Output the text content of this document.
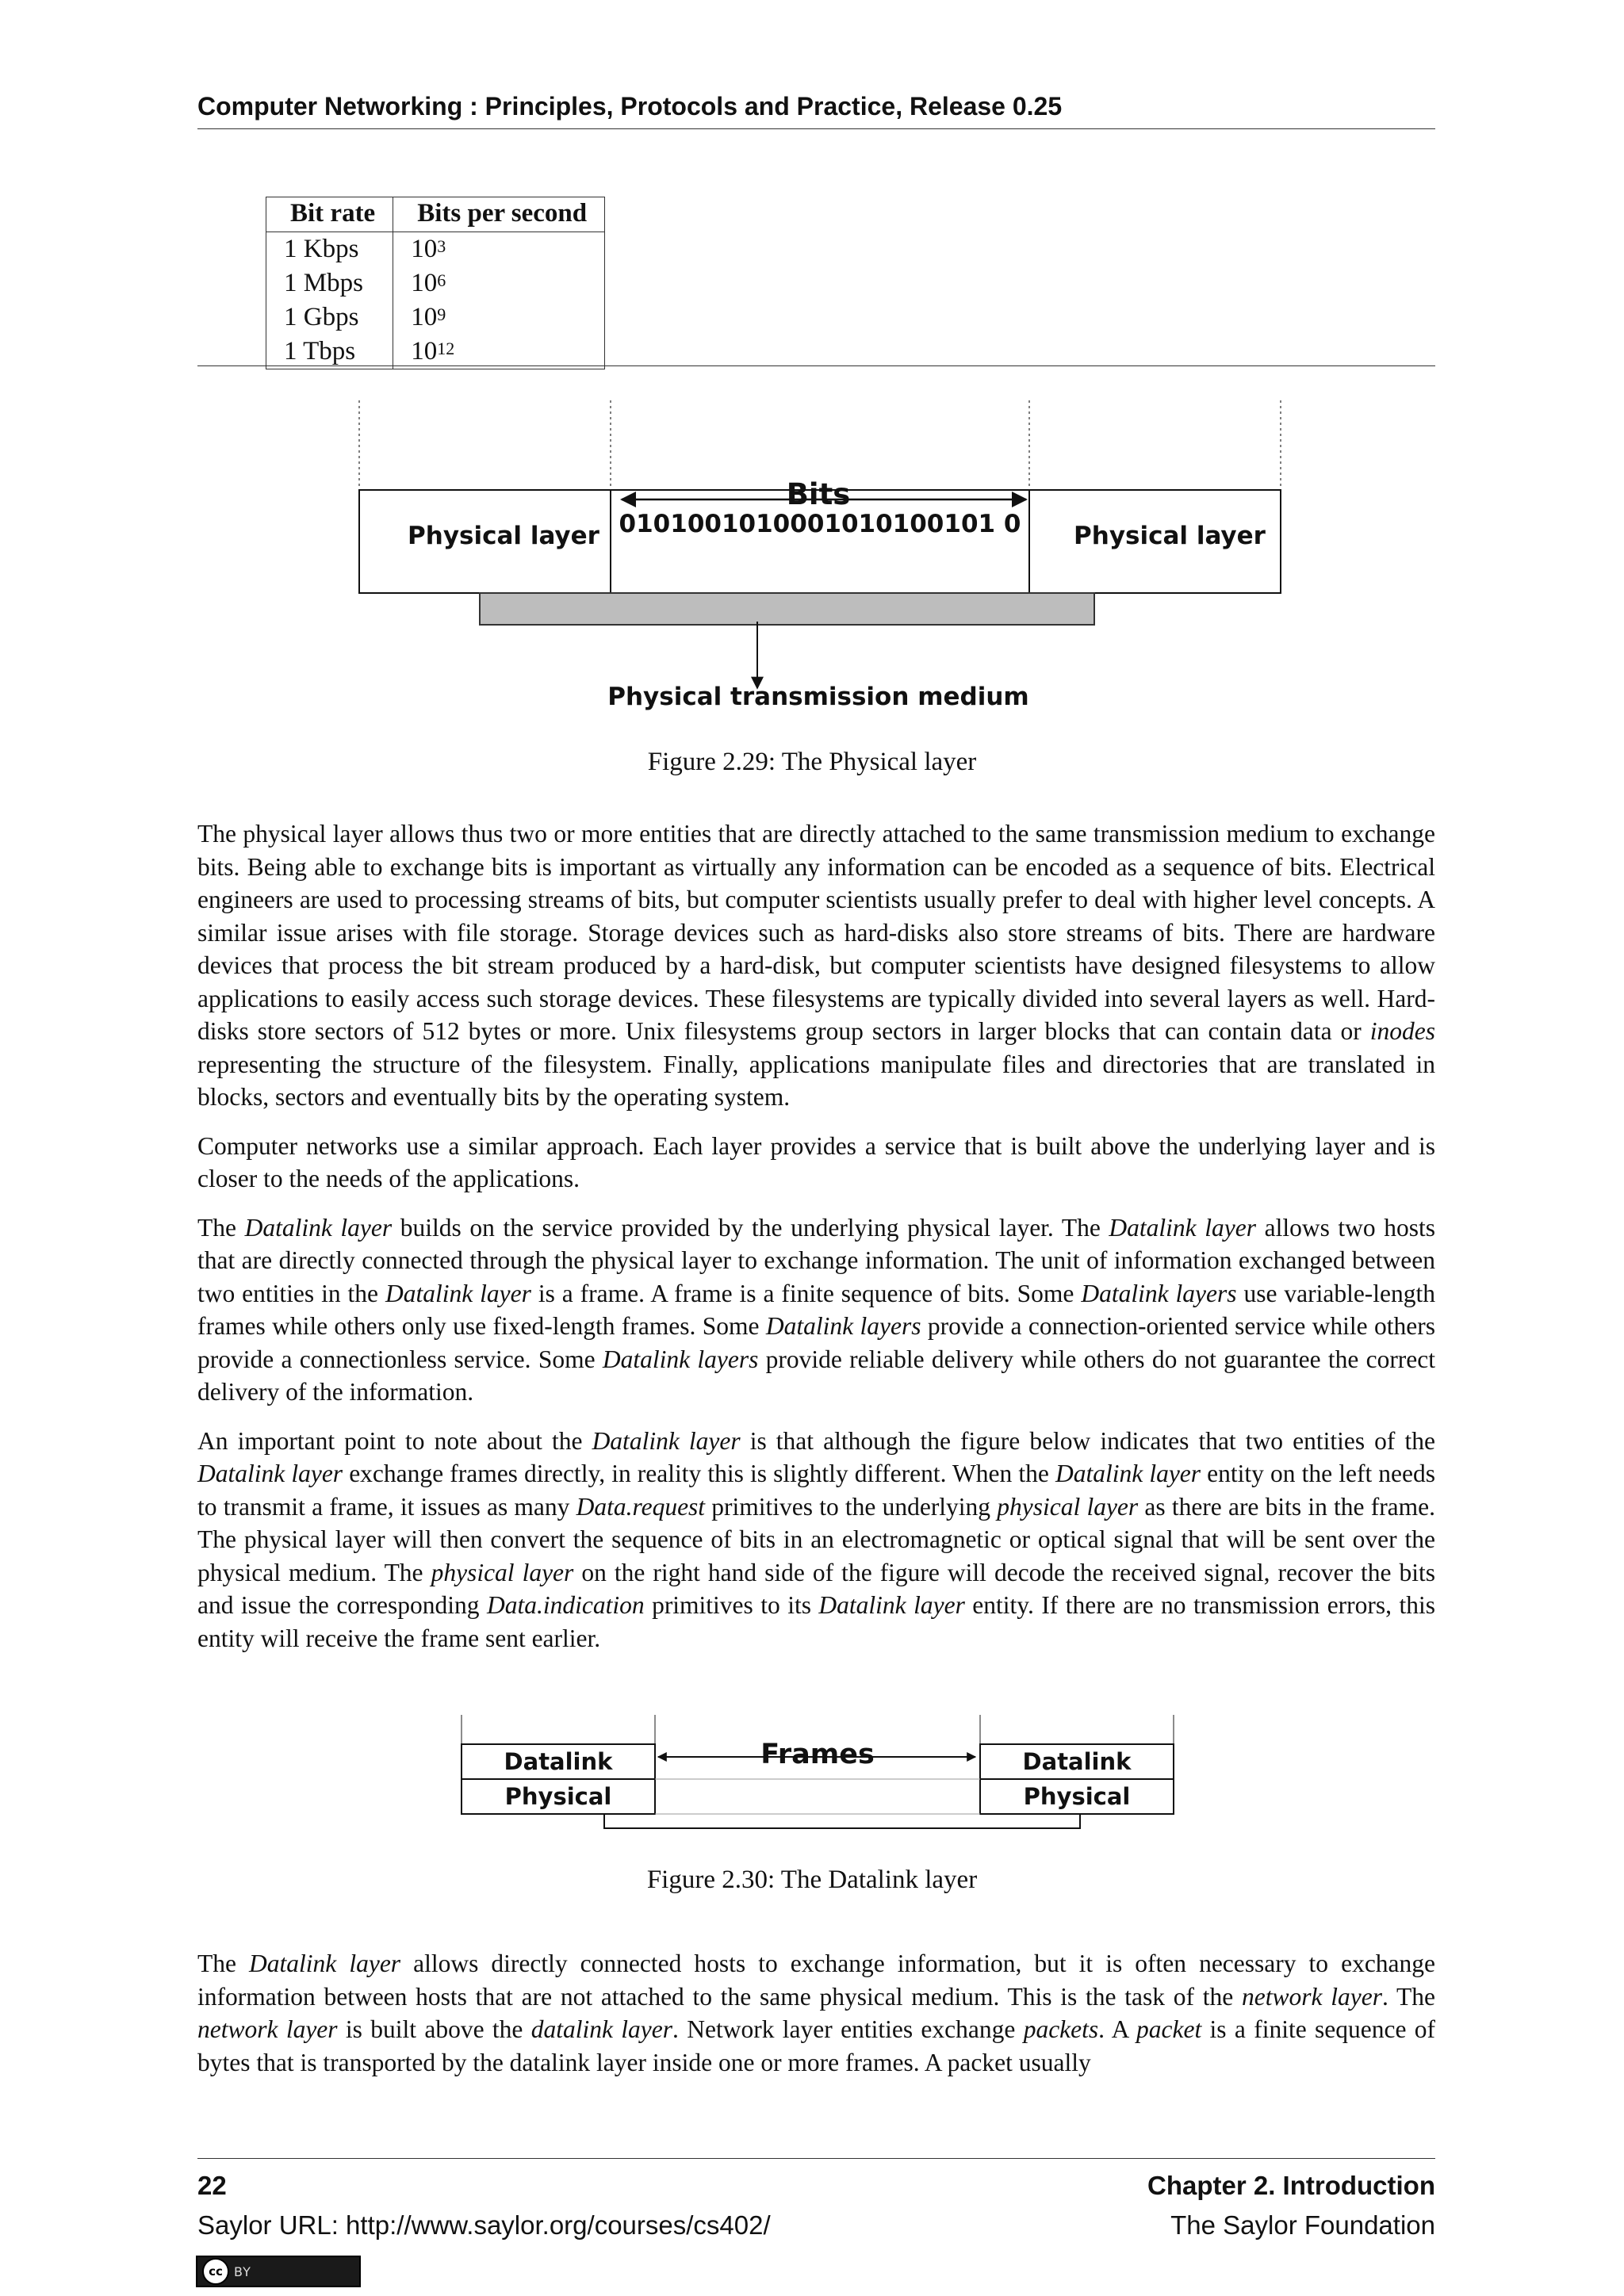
Computer Networking : Principles, Protocols and Practice, Release 0.25
Bit rate	Bits per second
1 Kbps	$10^3$
1 Mbps	$10^6$
1 Gbps	$10^9$
1 Tbps	$10^{12}$
Physical layer	Physical layer
Bits
0101001010001010100101 0
Physical transmission medium
Figure 2.29: The Physical layer

The physical layer allows thus two or more entities that are directly attached to the same transmission medium to exchange bits. Being able to exchange bits is important as virtually any information can be encoded as a sequence of bits. Electrical engineers are used to processing streams of bits, but computer scientists usually prefer to deal with higher level concepts. A similar issue arises with file storage. Storage devices such as hard-disks also store streams of bits. There are hardware devices that process the bit stream produced by a hard-disk, but computer scientists have designed filesystems to allow applications to easily access such storage devices. These filesystems are typically divided into several layers as well. Hard-disks store sectors of 512 bytes or more. Unix filesystems group sectors in larger blocks that can contain data or inodes representing the structure of the filesystem. Finally, applications manipulate files and directories that are translated in blocks, sectors and eventually bits by the operating system.

Computer networks use a similar approach. Each layer provides a service that is built above the underlying layer and is closer to the needs of the applications.

The Datalink layer builds on the service provided by the underlying physical layer. The Datalink layer allows two hosts that are directly connected through the physical layer to exchange information. The unit of information exchanged between two entities in the Datalink layer is a frame. A frame is a finite sequence of bits. Some Datalink layers use variable-length frames while others only use fixed-length frames. Some Datalink layers provide a connection-oriented service while others provide a connectionless service. Some Datalink layers provide reliable delivery while others do not guarantee the correct delivery of the information.

An important point to note about the Datalink layer is that although the figure below indicates that two entities of the Datalink layer exchange frames directly, in reality this is slightly different. When the Datalink layer entity on the left needs to transmit a frame, it issues as many Data.request primitives to the underlying physical layer as there are bits in the frame. The physical layer will then convert the sequence of bits in an electromagnetic or optical signal that will be sent over the physical medium. The physical layer on the right hand side of the figure will decode the received signal, recover the bits and issue the corresponding Data.indication primitives to its Datalink layer entity. If there are no transmission errors, this entity will receive the frame sent earlier.

Frames
Datalink
Physical
Datalink
Physical
Figure 2.30: The Datalink layer

The Datalink layer allows directly connected hosts to exchange information, but it is often necessary to exchange information between hosts that are not attached to the same physical medium. This is the task of the network layer. The network layer is built above the datalink layer. Network layer entities exchange packets. A packet is a finite sequence of bytes that is transported by the datalink layer inside one or more frames. A packet usually

22	Chapter 2. Introduction
Saylor URL: http://www.saylor.org/courses/cs402/	The Saylor Foundation
cc BY
